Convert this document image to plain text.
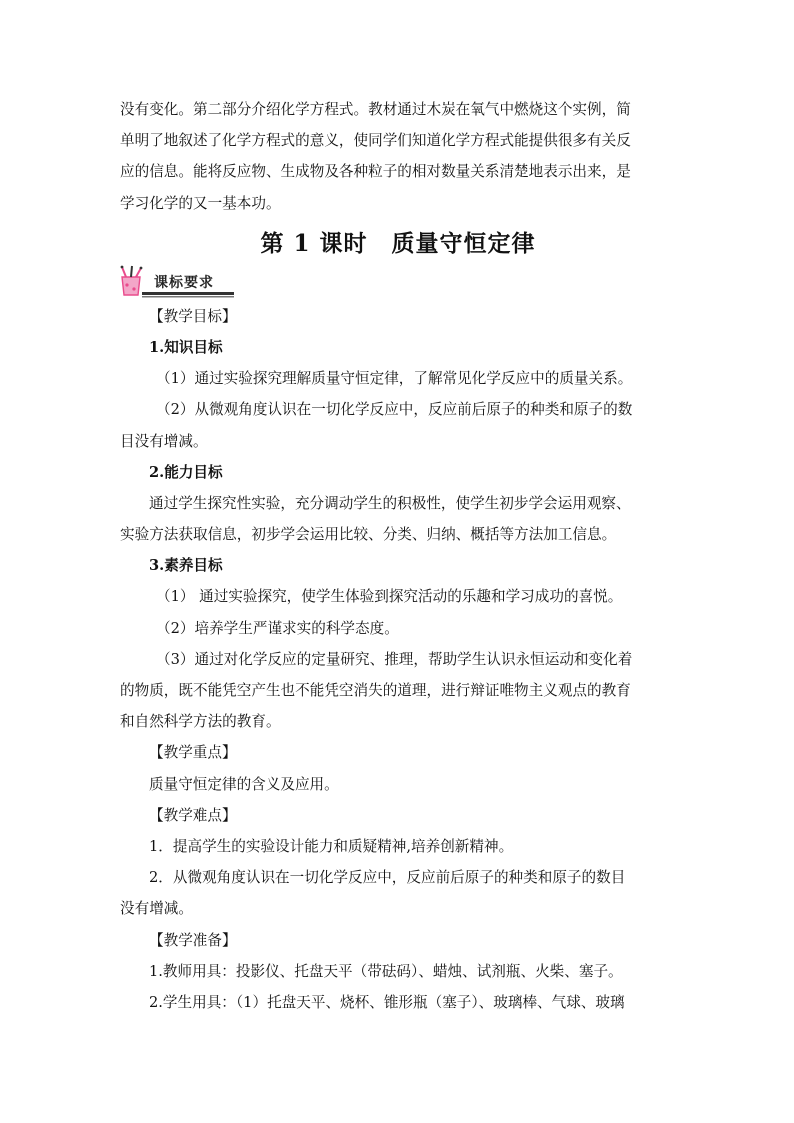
没有变化。第二部分介绍化学方程式。教材通过木炭在氧气中燃烧这个实例，简
单明了地叙述了化学方程式的意义，使同学们知道化学方程式能提供很多有关反
应的信息。能将反应物、生成物及各种粒子的相对数量关系清楚地表示出来，是
学习化学的又一基本功。
第 1 课时 质量守恒定律
课标要求
【教学目标】
1.知识目标
（1）通过实验探究理解质量守恒定律，了解常见化学反应中的质量关系。
（2）从微观角度认识在一切化学反应中，反应前后原子的种类和原子的数
目没有增减。
2.能力目标
通过学生探究性实验，充分调动学生的积极性，使学生初步学会运用观察、
实验方法获取信息，初步学会运用比较、分类、归纳、概括等方法加工信息。
3.素养目标
（1） 通过实验探究，使学生体验到探究活动的乐趣和学习成功的喜悦。
（2）培养学生严谨求实的科学态度。
（3）通过对化学反应的定量研究、推理，帮助学生认识永恒运动和变化着
的物质，既不能凭空产生也不能凭空消失的道理，进行辩证唯物主义观点的教育
和自然科学方法的教育。
【教学重点】
质量守恒定律的含义及应用。
【教学难点】
1．提高学生的实验设计能力和质疑精神,培养创新精神。
2．从微观角度认识在一切化学反应中，反应前后原子的种类和原子的数目
没有增减。
【教学准备】
1.教师用具：投影仪、托盘天平（带砝码）、蜡烛、试剂瓶、火柴、塞子。
2.学生用具：（1）托盘天平、烧杯、锥形瓶（塞子）、玻璃棒、气球、玻璃
